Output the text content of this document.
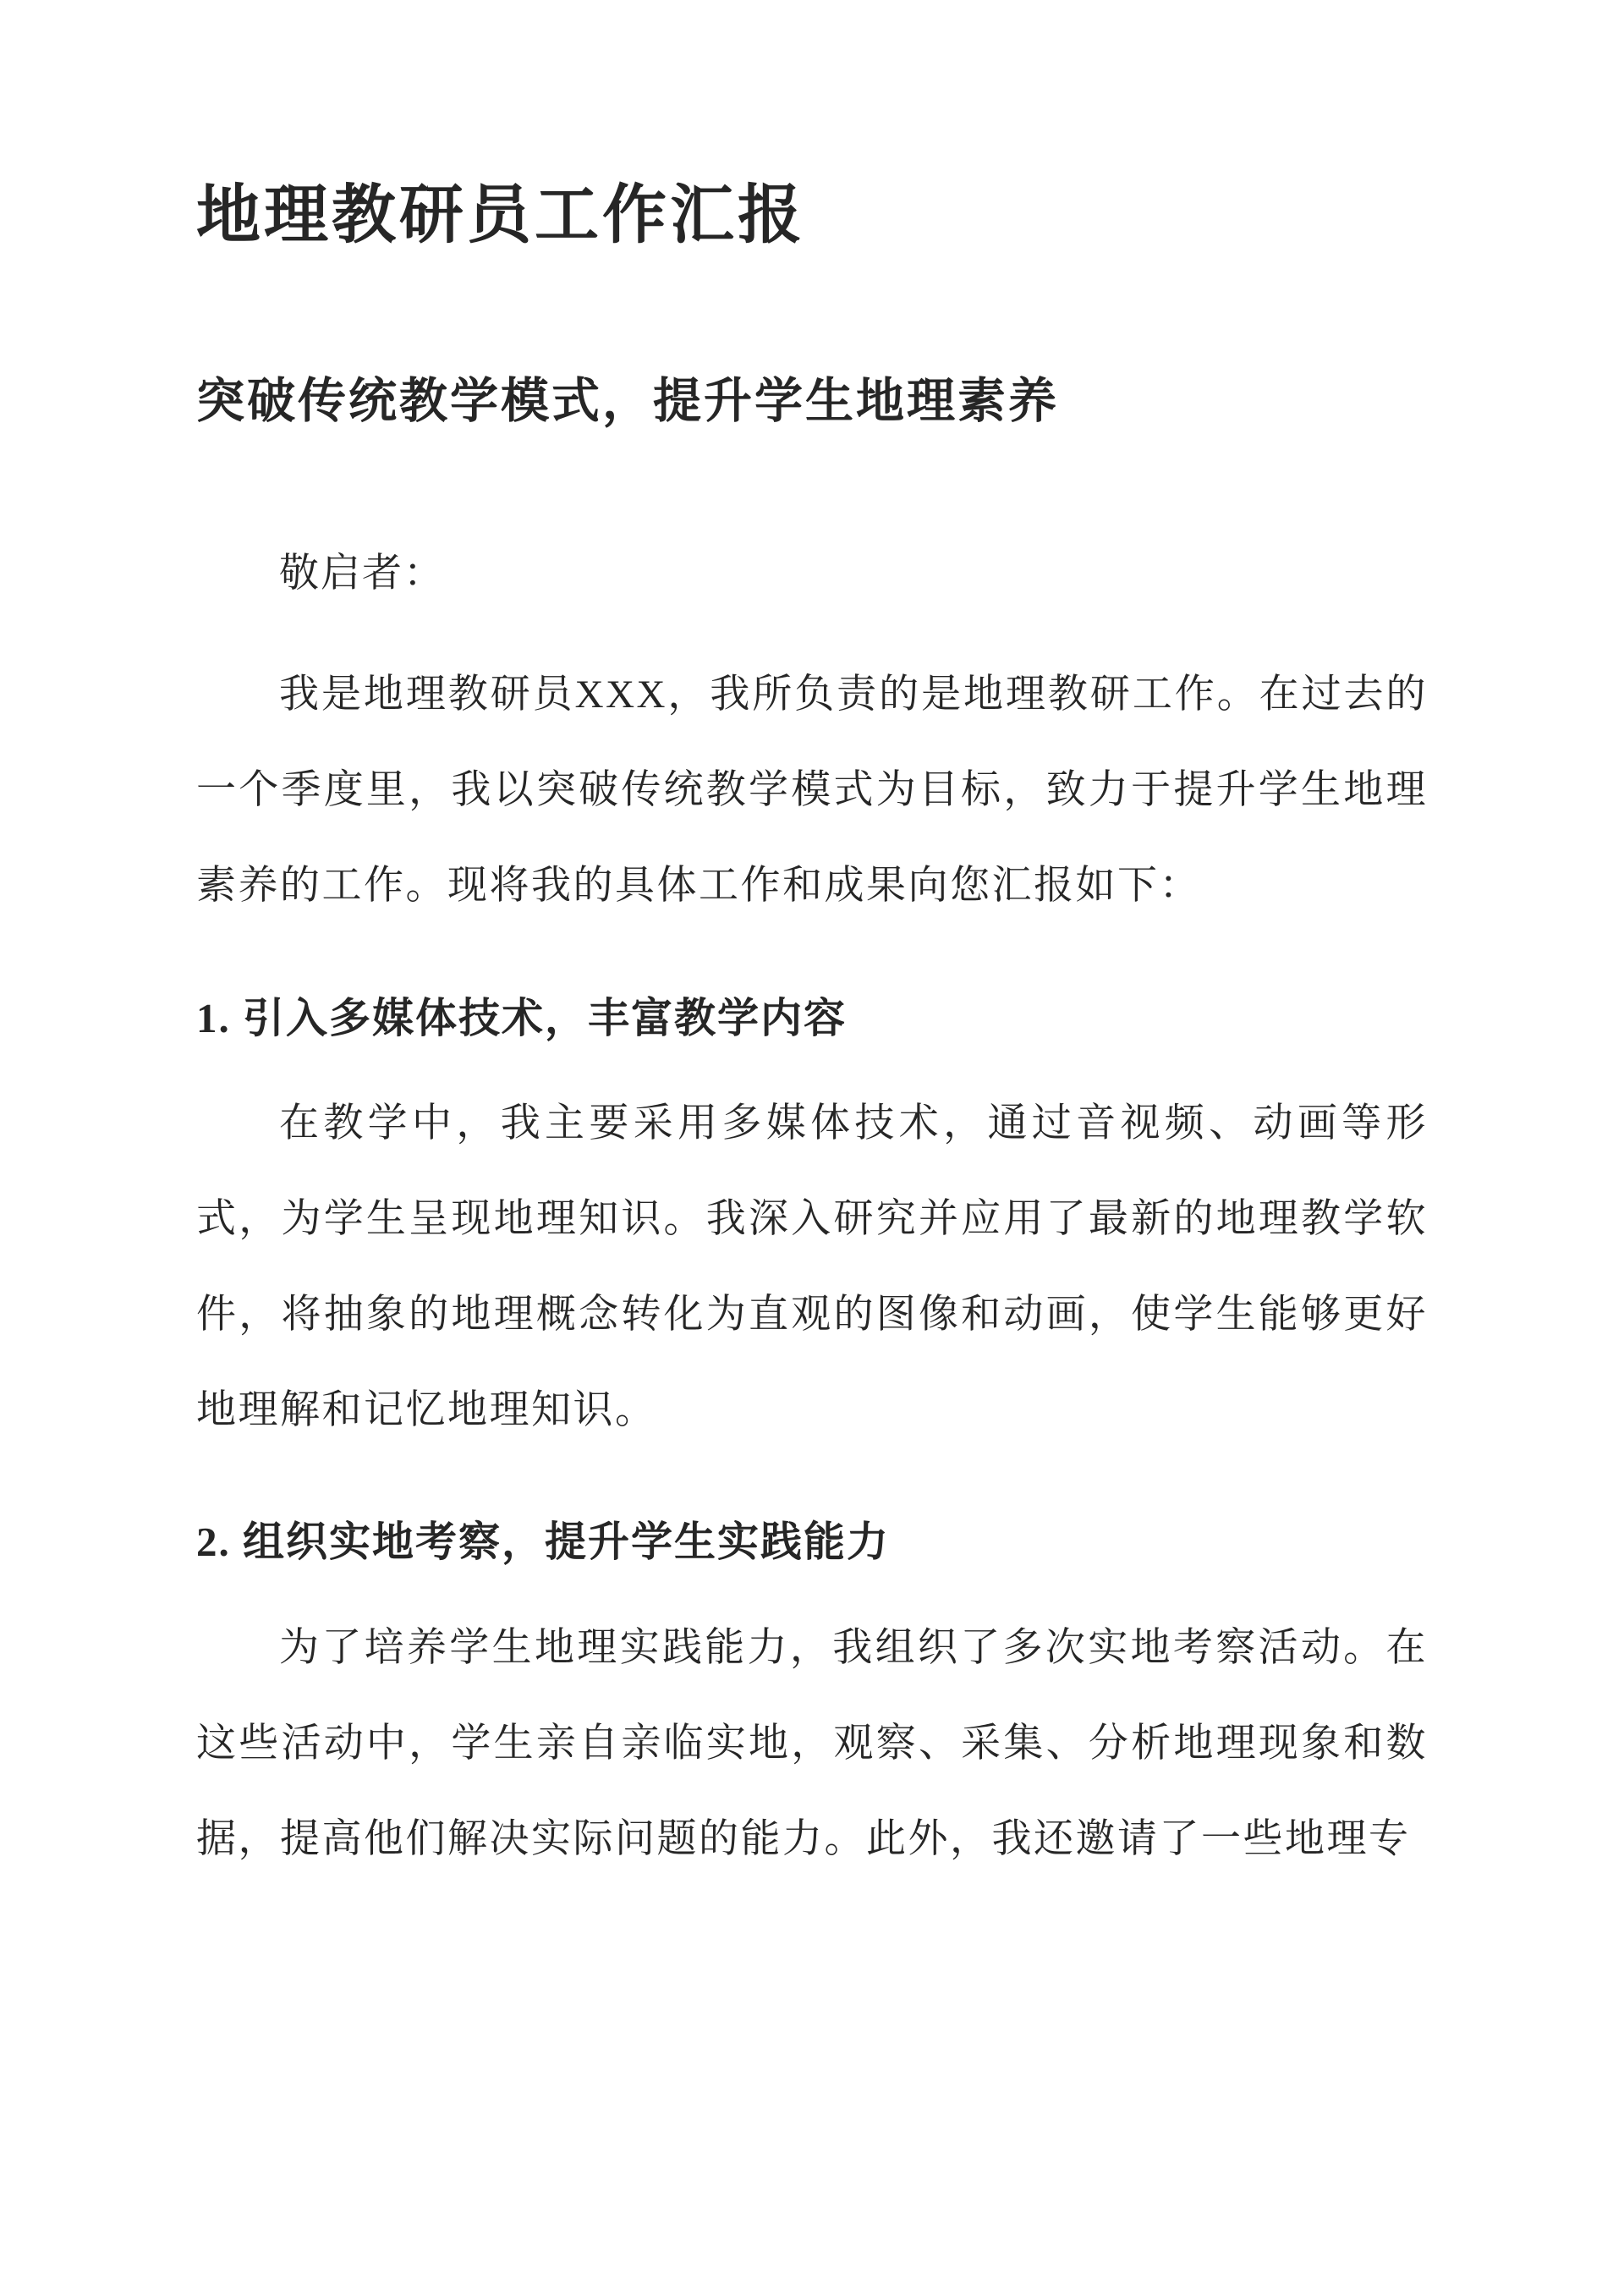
地理教研员工作汇报
突破传统教学模式，提升学生地理素养

敬启者：

我是地理教研员XXX，我所负责的是地理教研工作。在过去的一个季度里，我以突破传统教学模式为目标，致力于提升学生地理素养的工作。现将我的具体工作和成果向您汇报如下：

1. 引入多媒体技术，丰富教学内容

在教学中，我主要采用多媒体技术，通过音视频、动画等形式，为学生呈现地理知识。我深入研究并应用了最新的地理教学软件，将抽象的地理概念转化为直观的图像和动画，使学生能够更好地理解和记忆地理知识。

2. 组织实地考察，提升学生实践能力

为了培养学生地理实践能力，我组织了多次实地考察活动。在这些活动中，学生亲自亲临实地，观察、采集、分析地理现象和数据，提高他们解决实际问题的能力。此外，我还邀请了一些地理专
